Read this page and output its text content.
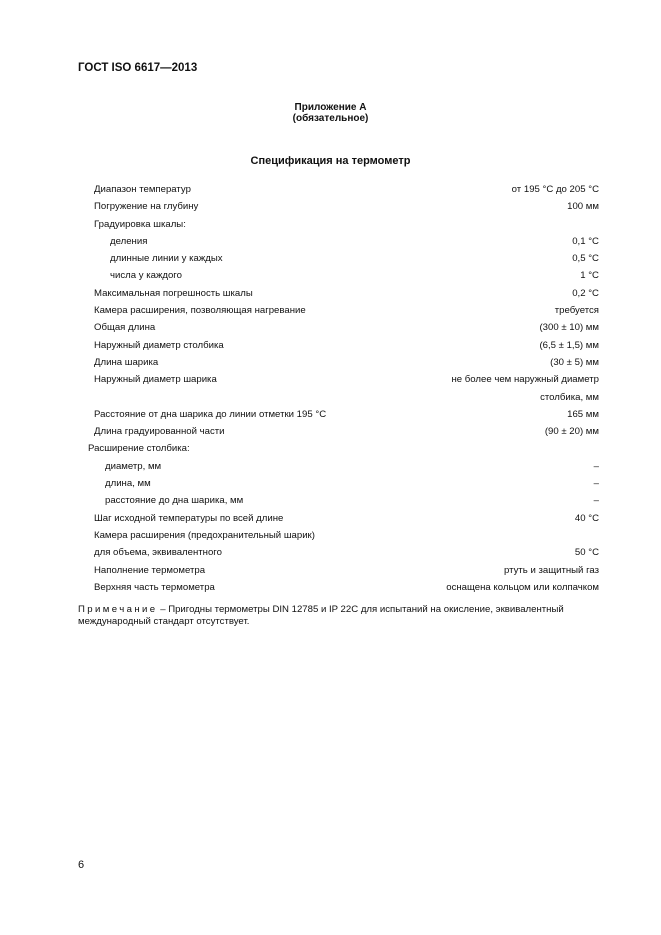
ГОСТ ISO 6617—2013
Приложение А
(обязательное)
Спецификация на термометр
Диапазон температур	от 195 °С до 205 °С
Погружение на глубину	100 мм
Градуировка шкалы:
деления	0,1 °С
длинные линии у каждых	0,5 °С
числа у каждого	1 °С
Максимальная погрешность шкалы	0,2 °С
Камера расширения, позволяющая нагревание	требуется
Общая длина	(300 ± 10) мм
Наружный диаметр столбика	(6,5 ± 1,5) мм
Длина шарика	(30 ± 5) мм
Наружный диаметр шарика	не более чем наружный диаметр
столбика, мм
Расстояние от дна шарика до линии отметки 195 °С	165 мм
Длина градуированной части	(90 ± 20) мм
Расширение столбика:
диаметр, мм	–
длина, мм	–
расстояние до дна шарика, мм	–
Шаг исходной температуры по всей длине	40 °С
Камера расширения (предохранительный шарик)
для объема, эквивалентного	50 °С
Наполнение термометра	ртуть и защитный газ
Верхняя часть термометра	оснащена кольцом или колпачком
Примечание – Пригодны термометры DIN 12785 и IP 22C для испытаний на окисление, эквивалентный международный стандарт отсутствует.
6
